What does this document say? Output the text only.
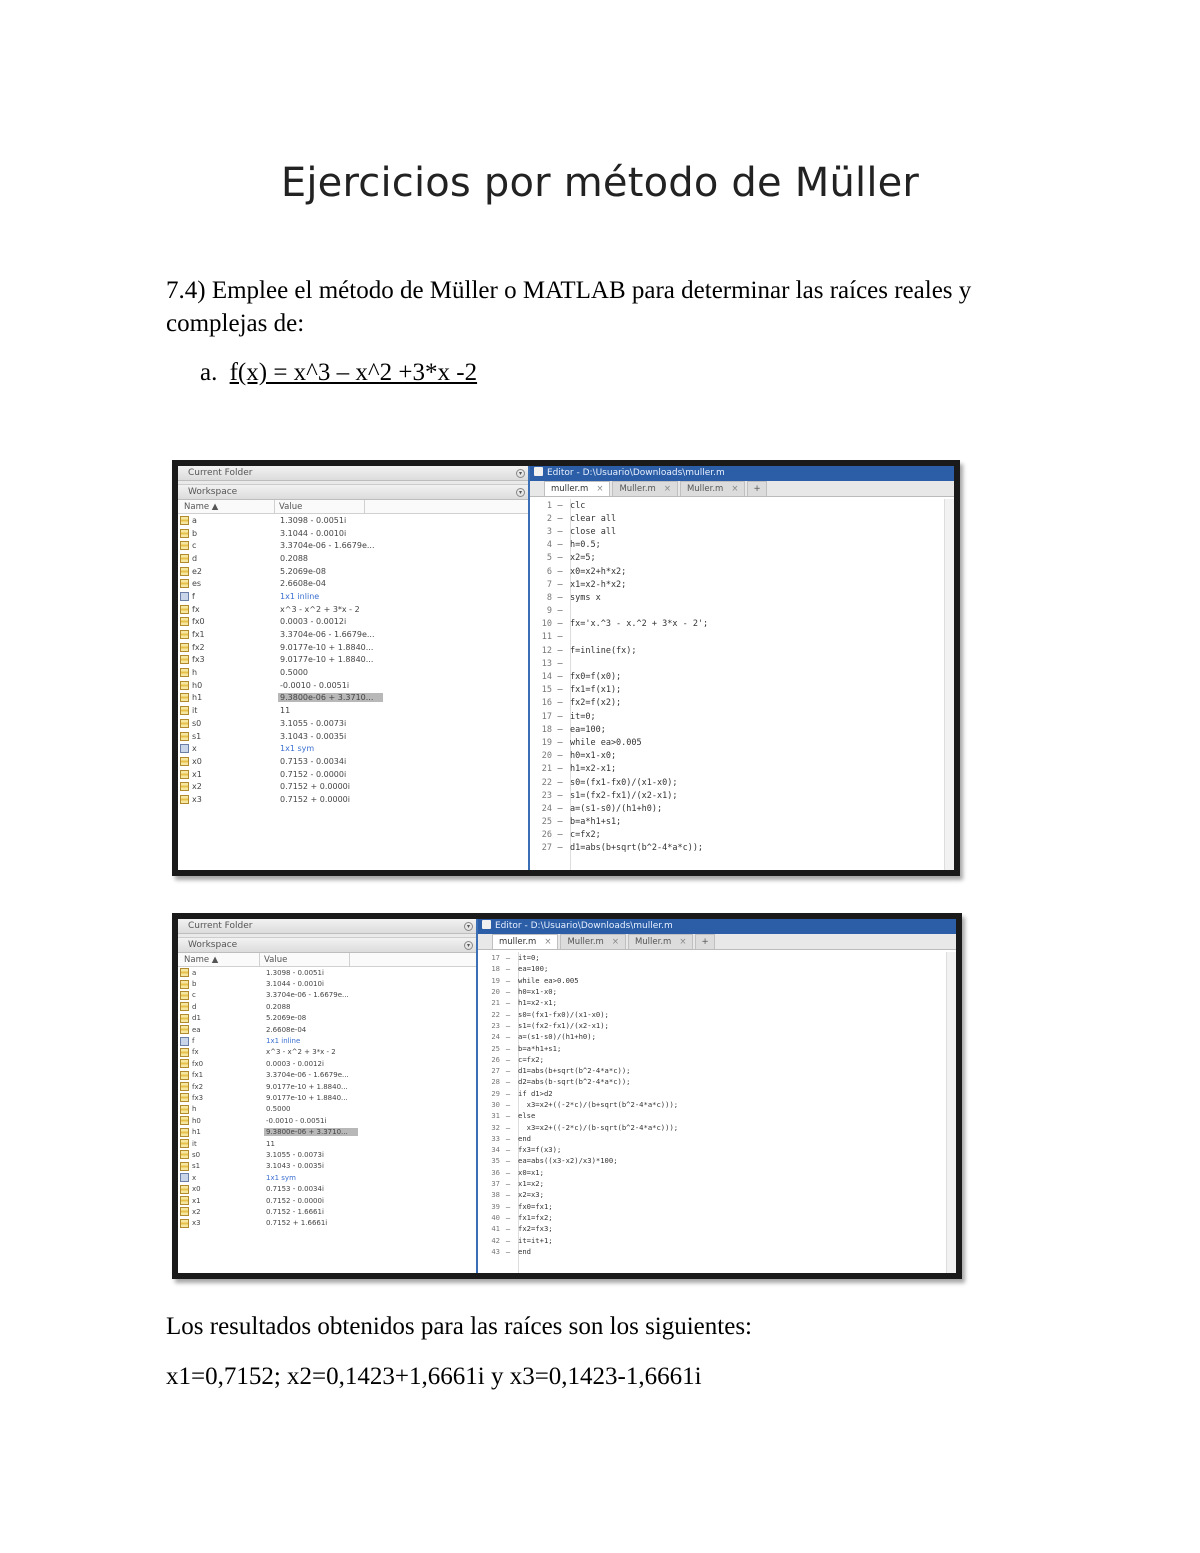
Ejercicios por método de Müller
7.4) Emplee el método de Müller o MATLAB para determinar las raíces reales y complejas de:
a. f(x) = x^3 – x^2 +3*x -2
Current Folder	▾
Workspace	▾
Name ▲	Value
a	1.3098 - 0.0051i
b	3.1044 - 0.0010i
c	3.3704e-06 - 1.6679e...
d	0.2088
e2	5.2069e-08
es	2.6608e-04
f	1x1 inline
fx	x^3 - x^2 + 3*x - 2
fx0	0.0003 - 0.0012i
fx1	3.3704e-06 - 1.6679e...
fx2	9.0177e-10 + 1.8840...
fx3	9.0177e-10 + 1.8840...
h	0.5000
h0	-0.0010 - 0.0051i
h1	9.3800e-06 + 3.3710...
it	11
s0	3.1055 - 0.0073i
s1	3.1043 - 0.0035i
x	1x1 sym
x0	0.7153 - 0.0034i
x1	0.7152 - 0.0000i
x2	0.7152 + 0.0000i
x3	0.7152 + 0.0000i
Editor - D:\Usuario\Downloads\muller.m
muller.m ×	Muller.m ×	Muller.m ×	+
1 – clc
2 – clear all
3 – close all
4 – h=0.5;
5 – x2=5;
6 – x0=x2+h*x2;
7 – x1=x2-h*x2;
8 – syms x
9 –
10 – fx='x.^3 - x.^2 + 3*x - 2';
11 –
12 – f=inline(fx);
13 –
14 – fx0=f(x0);
15 – fx1=f(x1);
16 – fx2=f(x2);
17 – it=0;
18 – ea=100;
19 – while ea>0.005
20 – h0=x1-x0;
21 – h1=x2-x1;
22 – s0=(fx1-fx0)/(x1-x0);
23 – s1=(fx2-fx1)/(x2-x1);
24 – a=(s1-s0)/(h1+h0);
25 – b=a*h1+s1;
26 – c=fx2;
27 – d1=abs(b+sqrt(b^2-4*a*c));
Current Folder	▾
Workspace	▾
Name ▲	Value
a	1.3098 - 0.0051i
b	3.1044 - 0.0010i
c	3.3704e-06 - 1.6679e...
d	0.2088
d1	5.2069e-08
ea	2.6608e-04
f	1x1 inline
fx	x^3 - x^2 + 3*x - 2
fx0	0.0003 - 0.0012i
fx1	3.3704e-06 - 1.6679e...
fx2	9.0177e-10 + 1.8840...
fx3	9.0177e-10 + 1.8840...
h	0.5000
h0	-0.0010 - 0.0051i
h1	9.3800e-06 + 3.3710...
it	11
s0	3.1055 - 0.0073i
s1	3.1043 - 0.0035i
x	1x1 sym
x0	0.7153 - 0.0034i
x1	0.7152 - 0.0000i
x2	0.7152 - 1.6661i
x3	0.7152 + 1.6661i
Editor - D:\Usuario\Downloads\muller.m
muller.m ×	Muller.m ×	Muller.m ×	+
17 –	it=0;
18 –	ea=100;
19 –	while ea>0.005
20 –	h0=x1-x0;
21 –	h1=x2-x1;
22 –	s0=(fx1-fx0)/(x1-x0);
23 –	s1=(fx2-fx1)/(x2-x1);
24 –	a=(s1-s0)/(h1+h0);
25 –	b=a*h1+s1;
26 –	c=fx2;
27 –	d1=abs(b+sqrt(b^2-4*a*c));
28 –	d2=abs(b-sqrt(b^2-4*a*c));
29 –	if d1>d2
30 –	x3=x2+((-2*c)/(b+sqrt(b^2-4*a*c)));
31 –	else
32 –	x3=x2+((-2*c)/(b-sqrt(b^2-4*a*c)));
33 –	end
34 –	fx3=f(x3);
35 –	ea=abs((x3-x2)/x3)*100;
36 –	x0=x1;
37 –	x1=x2;
38 –	x2=x3;
39 –	fx0=fx1;
40 –	fx1=fx2;
41 –	fx2=fx3;
42 –	it=it+1;
43 –	end
Los resultados obtenidos para las raíces son los siguientes:
x1=0,7152; x2=0,1423+1,6661i y x3=0,1423-1,6661i
